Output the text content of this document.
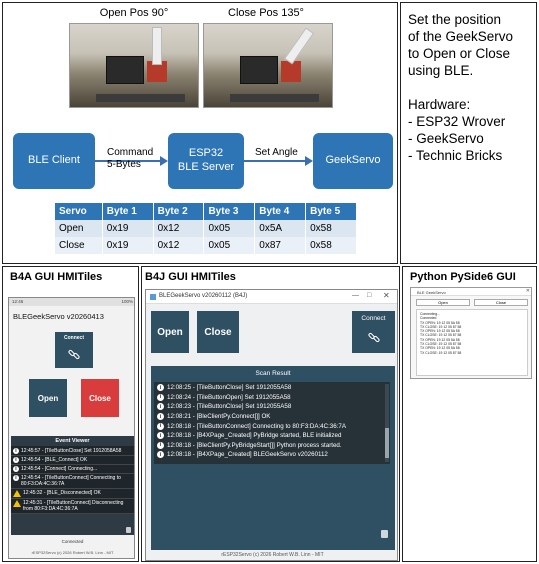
Open Pos 90°	Close Pos 135°
BLE Client
ESP32
BLE Server
GeekServo
Command
5-Bytes
Set Angle
Servo	Byte 1	Byte 2	Byte 3	Byte 4	Byte 5
Open	0x19	0x12	0x05	0x5A	0x58
Close	0x19	0x12	0x05	0x87	0x58
Set the position
of the GeekServo
to Open or Close
using BLE.

Hardware:
- ESP32 Wrover
- GeekServo
- Technic Bricks
B4A GUI HMITiles
12:46	100%
BLEGeekServo v20260413
Connect
Open	Close
Event Viewer
i 12:45:57 - [TileButtonClose] Set 1912058A58
i 12:45:54 - [BLE_Connect] OK
i 12:45:54 - [Connect] Connecting...
i 12:45:54 - [TileButtonConnect] Connecting to 80:F3:DA:4C:36:7A
12:45:32 - [BLE_Disconnected] OK
12:45:31 - [TileButtonConnect] Disconnecting from 80:F3:DA:4C:36:7A
Connected
rESP32Servo (c) 2026 Robert W.B. Linn - MIT
B4J GUI HMITiles
BLEGeekServo v20260112 (B4J)	— □ ✕
Open	Close
Connect
Scan Result
i 12:08:25 - [TileButtonClose] Set 1912055A58
i 12:08:24 - [TileButtonOpen] Set 1912055A58
i 12:08:23 - [TileButtonClose] Set 1912055A58
i 12:08:21 - [BleClientPy.Connect[]] OK
i 12:08:18 - [TileButtonConnect] Connecting to 80:F3:DA:4C:36:7A
i 12:08:18 - [B4XPage_Created] PyBridge started, BLE initialized
i 12:08:18 - [BleClientPy.PyBridgeStart[]] Python process started.
i 12:08:18 - [B4XPage_Created] BLEGeekServo v20260112
rESP32Servo (c) 2026 Robert W.B. Linn - MIT
Python PySide6 GUI
BLE GeekServo	✕
Open	Close
Connecting...
Connected
TX OPEN: 19 12 05 5A 58
TX CLOSE: 19 12 05 87 58
TX OPEN: 19 12 05 5A 58
TX CLOSE: 19 12 05 87 58
TX OPEN: 19 12 05 5A 58
TX CLOSE: 19 12 05 87 58
TX OPEN: 19 12 05 5A 58
TX CLOSE: 19 12 05 87 58
